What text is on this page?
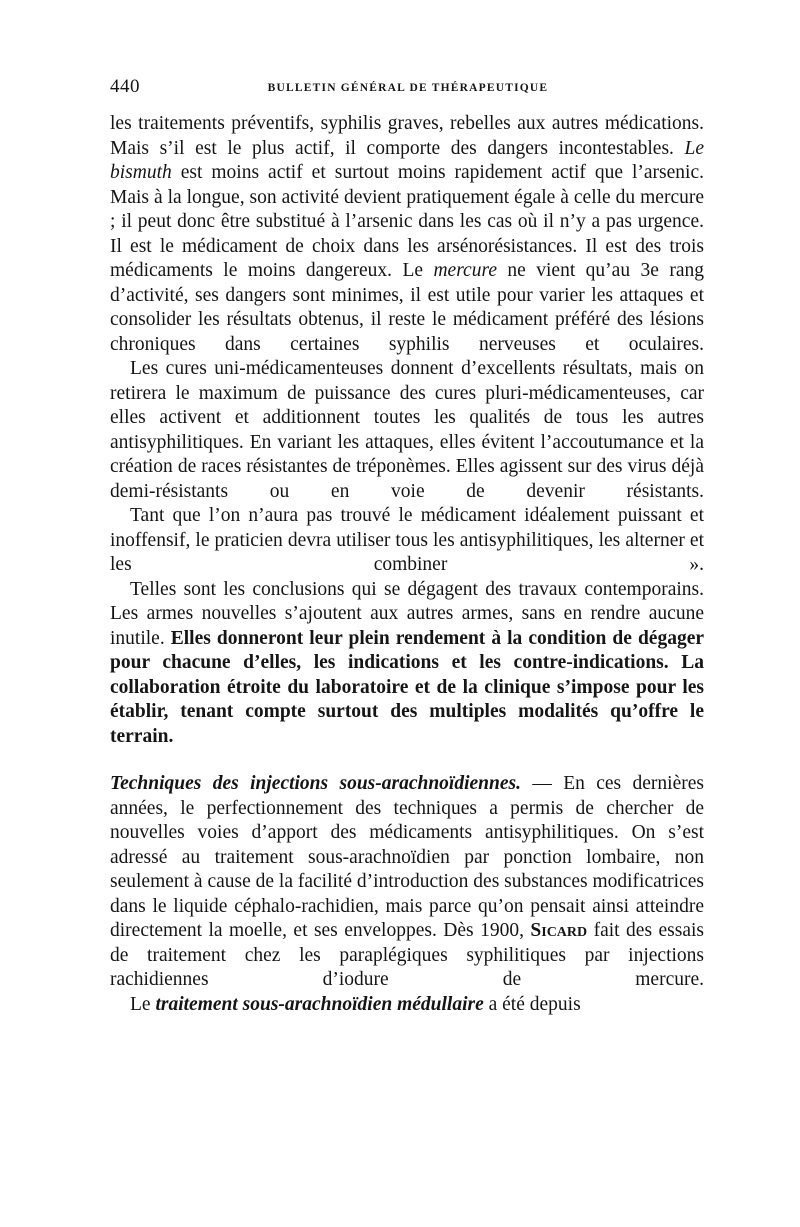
440	BULLETIN GÉNÉRAL DE THÉRAPEUTIQUE

les traitements préventifs, syphilis graves, rebelles aux autres médications. Mais s’il est le plus actif, il comporte des dangers incontestables. Le bismuth est moins actif et surtout moins rapidement actif que l’arsenic. Mais à la longue, son activité devient pratiquement égale à celle du mercure ; il peut donc être substitué à l’arsenic dans les cas où il n’y a pas urgence. Il est le médicament de choix dans les arsénorésistances. Il est des trois médicaments le moins dangereux. Le mercure ne vient qu’au 3e rang d’activité, ses dangers sont minimes, il est utile pour varier les attaques et consolider les résultats obtenus, il reste le médicament préféré des lésions chroniques dans certaines syphilis nerveuses et oculaires.

Les cures uni-médicamenteuses donnent d’excellents résultats, mais on retirera le maximum de puissance des cures pluri-médicamenteuses, car elles activent et additionnent toutes les qualités de tous les autres antisyphilitiques. En variant les attaques, elles évitent l’accoutumance et la création de races résistantes de tréponèmes. Elles agissent sur des virus déjà demi-résistants ou en voie de devenir résistants.

Tant que l’on n’aura pas trouvé le médicament idéalement puissant et inoffensif, le praticien devra utiliser tous les antisyphilitiques, les alterner et les combiner ».

Telles sont les conclusions qui se dégagent des travaux contemporains. Les armes nouvelles s’ajoutent aux autres armes, sans en rendre aucune inutile. Elles donneront leur plein rendement à la condition de dégager pour chacune d’elles, les indications et les contre-indications. La collaboration étroite du laboratoire et de la clinique s’impose pour les établir, tenant compte surtout des multiples modalités qu’offre le terrain.

Techniques des injections sous-arachnoïdiennes. — En ces dernières années, le perfectionnement des techniques a permis de chercher de nouvelles voies d’apport des médicaments antisyphilitiques. On s’est adressé au traitement sous-arachnoïdien par ponction lombaire, non seulement à cause de la facilité d’introduction des substances modificatrices dans le liquide céphalo-rachidien, mais parce qu’on pensait ainsi atteindre directement la moelle, et ses enveloppes. Dès 1900, Sicard fait des essais de traitement chez les paraplégiques syphilitiques par injections rachidiennes d’iodure de mercure.

Le traitement sous-arachnoïdien médullaire a été depuis
